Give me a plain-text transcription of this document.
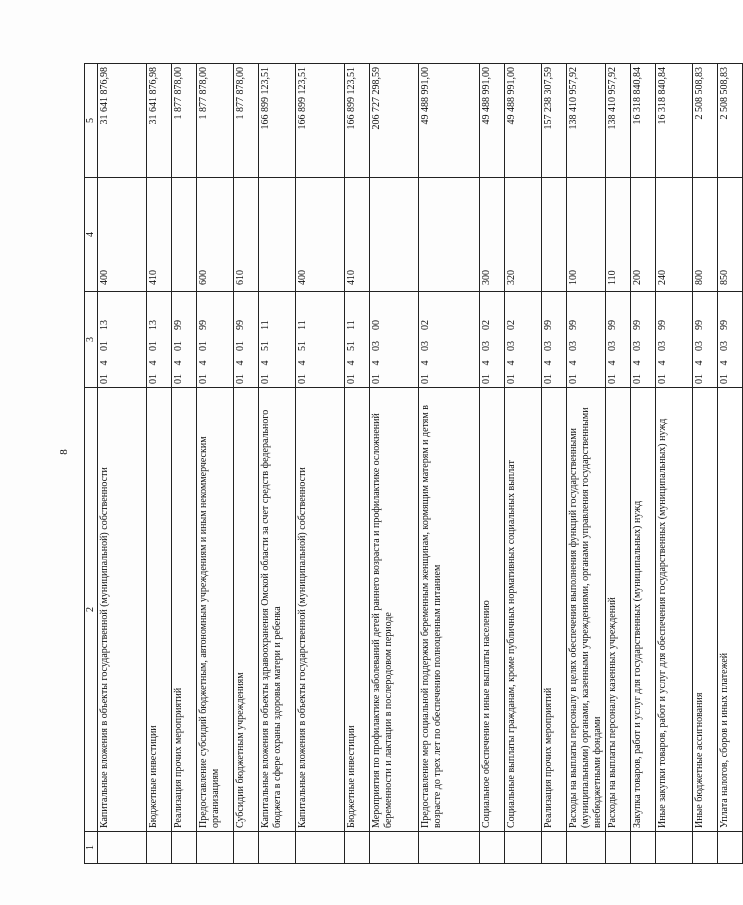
8
1	2	3	4	5
	Капитальные вложения в объекты государственной (муниципальной) собственности	0140113	400	31 641 876,98
	Бюджетные инвестиции	0140113	410	31 641 876,98
	Реализация прочих мероприятий	0140199		1 877 878,00
	Предоставление субсидий бюджетным, автономным учреждениям и иным некоммерческим организациям	0140199	600	1 877 878,00
	Субсидии бюджетным учреждениям	0140199	610	1 877 878,00
	Капитальные вложения в объекты здравоохранения Омской области за счет средств федерального бюджета в сфере охраны здоровья матери и ребенка	0145111		166 899 123,51
	Капитальные вложения в объекты государственной (муниципальной) собственности	0145111	400	166 899 123,51
	Бюджетные инвестиции	0145111	410	166 899 123,51
	Мероприятия по профилактике заболеваний детей раннего возраста и профилактике осложнений беременности и лактации в послеродовом периоде	0140300		206 727 298,59
	Предоставление мер социальной поддержки беременным женщинам, кормящим матерям и детям в возрасте до трех лет по обеспечению полноценным питанием	0140302		49 488 991,00
	Социальное обеспечение и иные выплаты населению	0140302	300	49 488 991,00
	Социальные выплаты гражданам, кроме публичных нормативных социальных выплат	0140302	320	49 488 991,00
	Реализация прочих мероприятий	0140399		157 238 307,59
	Расходы на выплаты персоналу в целях обеспечения выполнения функций государственными (муниципальными) органами, казенными учреждениями, органами управления государственными внебюджетными фондами	0140399	100	138 410 957,92
	Расходы на выплаты персоналу казенных учреждений	0140399	110	138 410 957,92
	Закупка товаров, работ и услуг для государственных (муниципальных) нужд	0140399	200	16 318 840,84
	Иные закупки товаров, работ и услуг для обеспечения государственных (муниципальных) нужд	0140399	240	16 318 840,84
	Иные бюджетные ассигнования	0140399	800	2 508 508,83
	Уплата налогов, сборов и иных платежей	0140399	850	2 508 508,83
